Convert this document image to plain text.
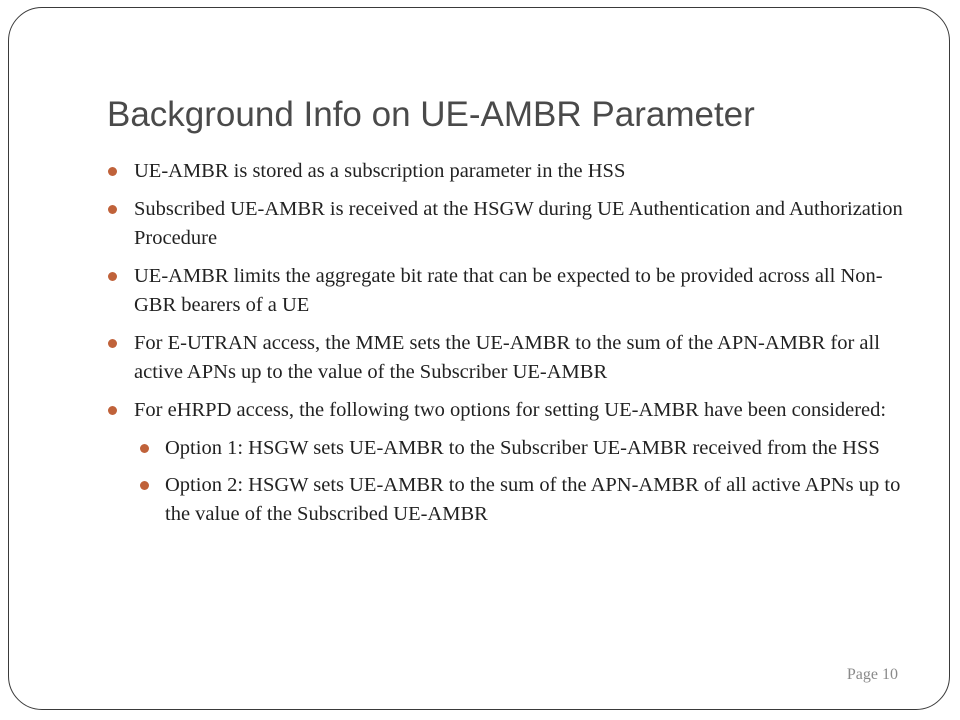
Background Info on UE-AMBR Parameter
UE-AMBR is stored as a subscription parameter in the HSS
Subscribed UE-AMBR is received at the HSGW during UE Authentication and Authorization Procedure
UE-AMBR limits the aggregate bit rate that can be expected to be provided across all Non-GBR bearers of a UE
For E-UTRAN access, the MME sets the UE-AMBR to the sum of the APN-AMBR for all active APNs up to the value of the Subscriber UE-AMBR
For eHRPD access, the following two options for setting UE-AMBR have been considered:
Option 1: HSGW sets UE-AMBR to the Subscriber UE-AMBR received from the HSS
Option 2: HSGW sets UE-AMBR to the sum of the APN-AMBR of all active APNs up to the value of the Subscribed UE-AMBR
Page 10
